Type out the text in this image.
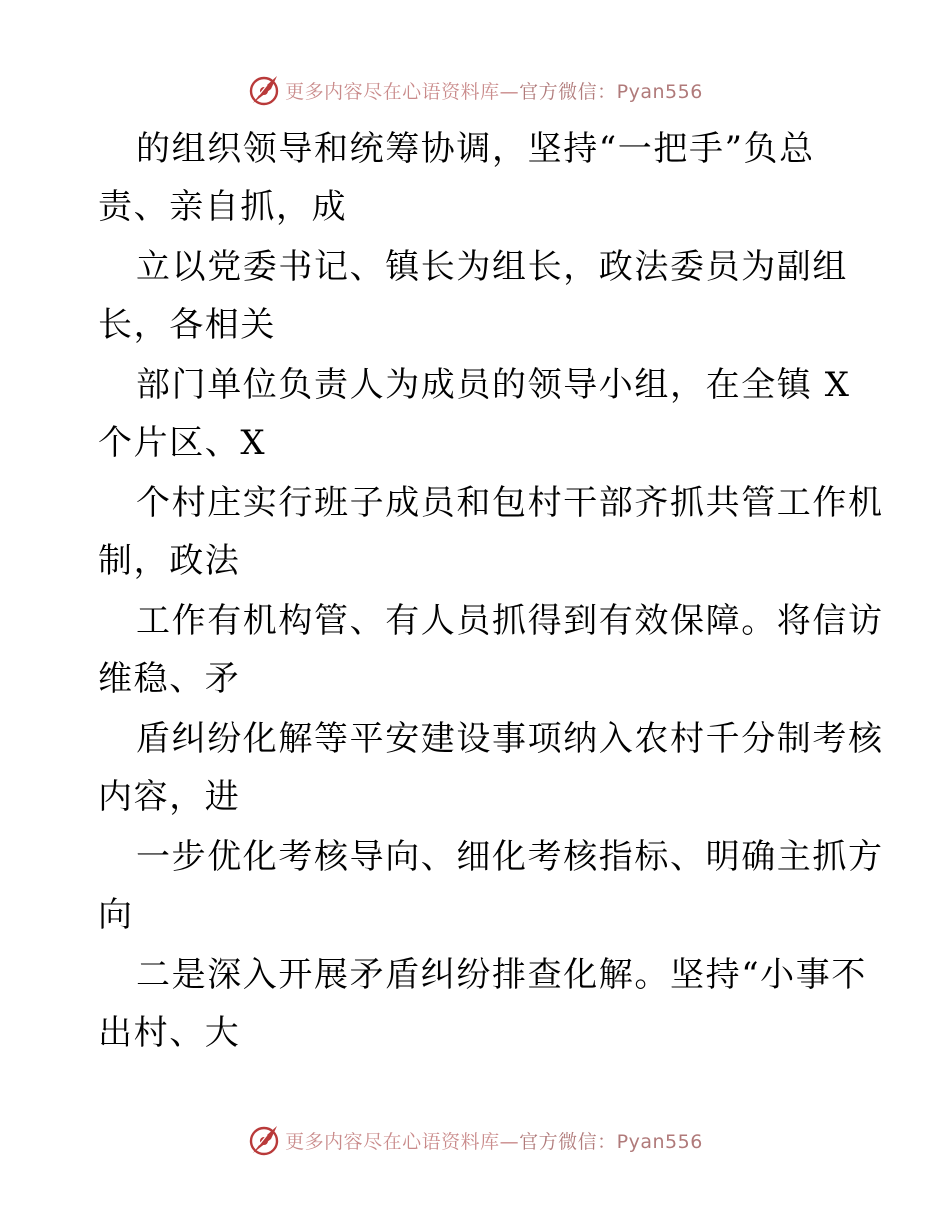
更多内容尽在心语资料库—官方微信：Pyan556
的组织领导和统筹协调，坚持“一把手”负总
责、亲自抓，成
立以党委书记、镇长为组长，政法委员为副组
长，各相关
部门单位负责人为成员的领导小组，在全镇 X
个片区、X
个村庄实行班子成员和包村干部齐抓共管工作机
制，政法
工作有机构管、有人员抓得到有效保障。将信访
维稳、矛
盾纠纷化解等平安建设事项纳入农村千分制考核
内容，进
一步优化考核导向、细化考核指标、明确主抓方
向
二是深入开展矛盾纠纷排查化解。坚持“小事不
出村、大
更多内容尽在心语资料库—官方微信：Pyan556
